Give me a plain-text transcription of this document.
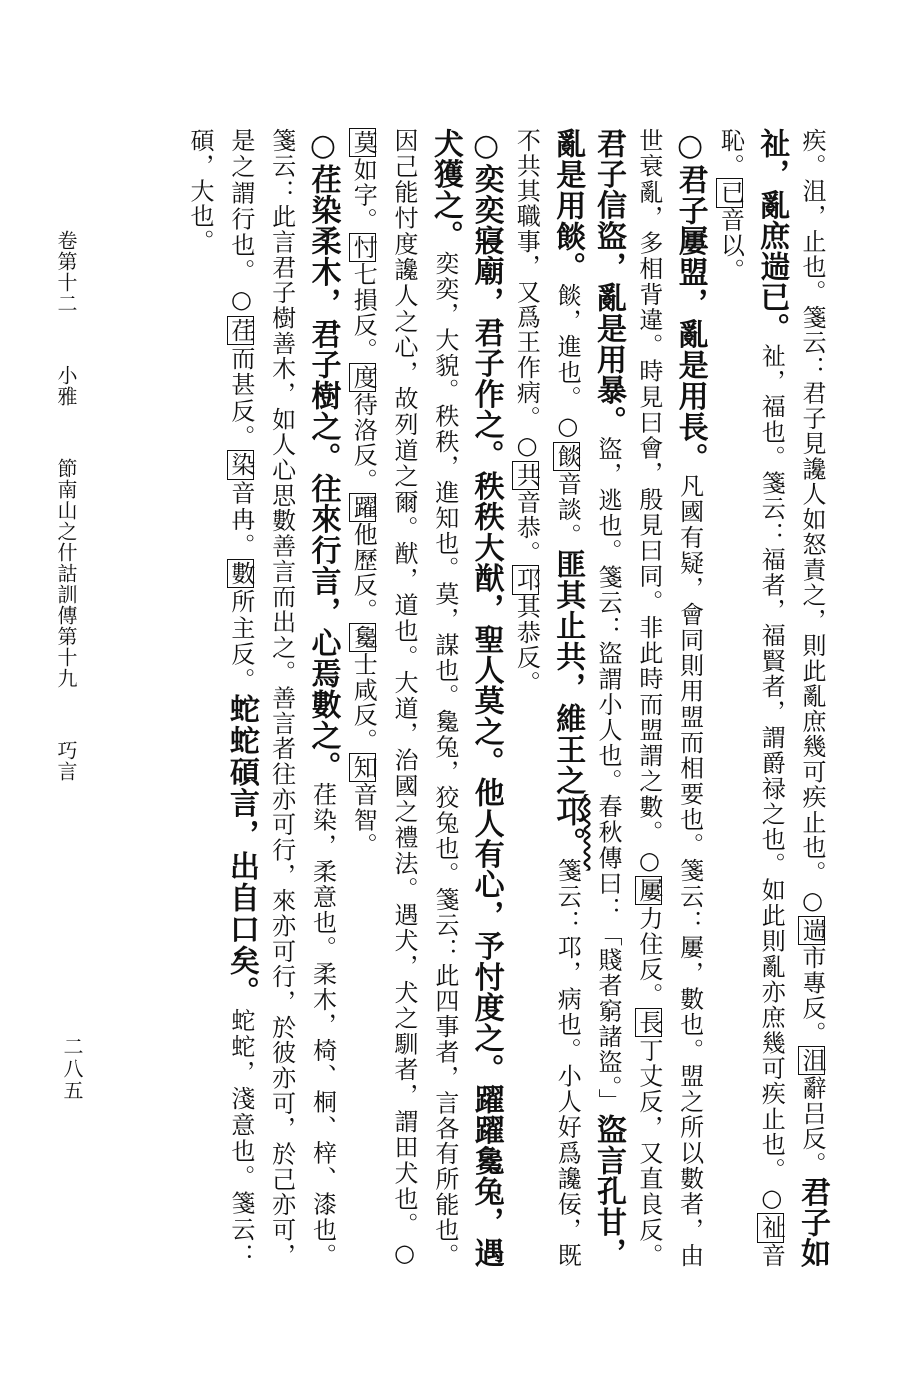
疾。沮，止也。箋云：君子見讒人如怒責之，則此亂庶幾可疾止也。○遄市專反。沮辭吕反。君子如祉，亂庶遄已。祉，福也。箋云：福者，福賢者，謂爵禄之也。如此則亂亦庶幾可疾止也。○祉音恥。已音以。
○君子屢盟，亂是用長。凡國有疑，會同則用盟而相要也。箋云：屢，數也。盟之所以數者，由世衰亂，多相背違。時見曰會，殷見曰同。非此時而盟謂之數。○屢力住反。長丁丈反，又直良反。君子信盜，亂是用暴。盜，逃也。箋云：盜謂小人也。春秋傳曰：「賤者窮諸盜。」盜言孔甘，亂是用餤。餤，進也。○餤音談。匪其止共，維王之邛。箋云：邛，病也。小人好爲讒佞，既不共其職事，又爲王作病。○共音恭。邛其恭反。
○奕奕寢廟，君子作之。秩秩大猷，聖人莫之。他人有心，予忖度之。躍躍毚兔，遇犬獲之。奕奕，大貌。秩秩，進知也。莫，謀也。毚兔，狡兔也。箋云：此四事者，言各有所能也。因己能忖度讒人之心，故列道之爾。猷，道也。大道，治國之禮法。遇犬，犬之馴者，謂田犬也。○莫如字。忖七損反。度待洛反。躍他歷反。毚士咸反。知音智。
○荏染柔木，君子樹之。往來行言，心焉數之。荏染，柔意也。柔木，椅、桐、梓、漆也。箋云：此言君子樹善木，如人心思數善言而出之。善言者往亦可行，來亦可行，於彼亦可，於己亦可，是之謂行也。○荏而甚反。染音冉。數所主反。蛇蛇碩言，出自口矣。蛇蛇，淺意也。箋云：碩，大也。
卷第十二 小雅 節南山之什詁訓傳第十九 巧言
二八五
